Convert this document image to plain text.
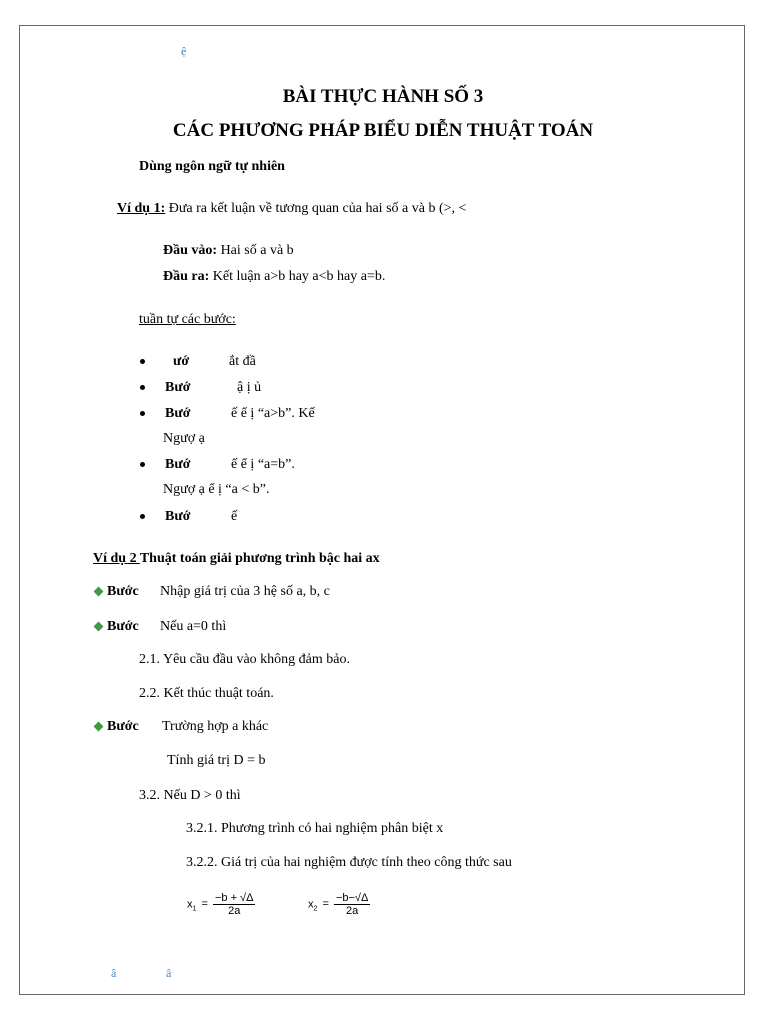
ệ
BÀI THỰC HÀNH SỐ 3
CÁC PHƯƠNG PHÁP BIỂU DIỄN THUẬT TOÁN
Dùng ngôn ngữ tự nhiên
Ví dụ 1: Đưa ra kết luận về tương quan của hai số a và b (>, <
Đầu vào: Hai số a và b
Đầu ra: Kết luận a>b hay a<b hay a=b.
tuần tự các bước:
ướ	ắt đầ
Bướ	ậ ị ủ
Bướ	ế ể ị “a>b”. Kế
Ngượ ạ
Bướ	ế ể ị “a=b”.
Ngượ ạ ể ị “a < b”.
Bướ	ế
Ví dụ 2 Thuật toán giải phương trình bậc hai ax
Bước Nhập giá trị của 3 hệ số a, b, c
Bước Nếu a=0 thì
2.1. Yêu cầu đầu vào không đảm bảo.
2.2. Kết thúc thuật toán.
Bước Trường hợp a khác
Tính giá trị D = b
3.2. Nếu D > 0 thì
3.2.1. Phương trình có hai nghiệm phân biệt x
3.2.2. Giá trị của hai nghiệm được tính theo công thức sau
$x_1 = \frac{-b + √\Delta}{2a}$	$x_2 = \frac{-b-√\Delta}{2a}$
â	â
